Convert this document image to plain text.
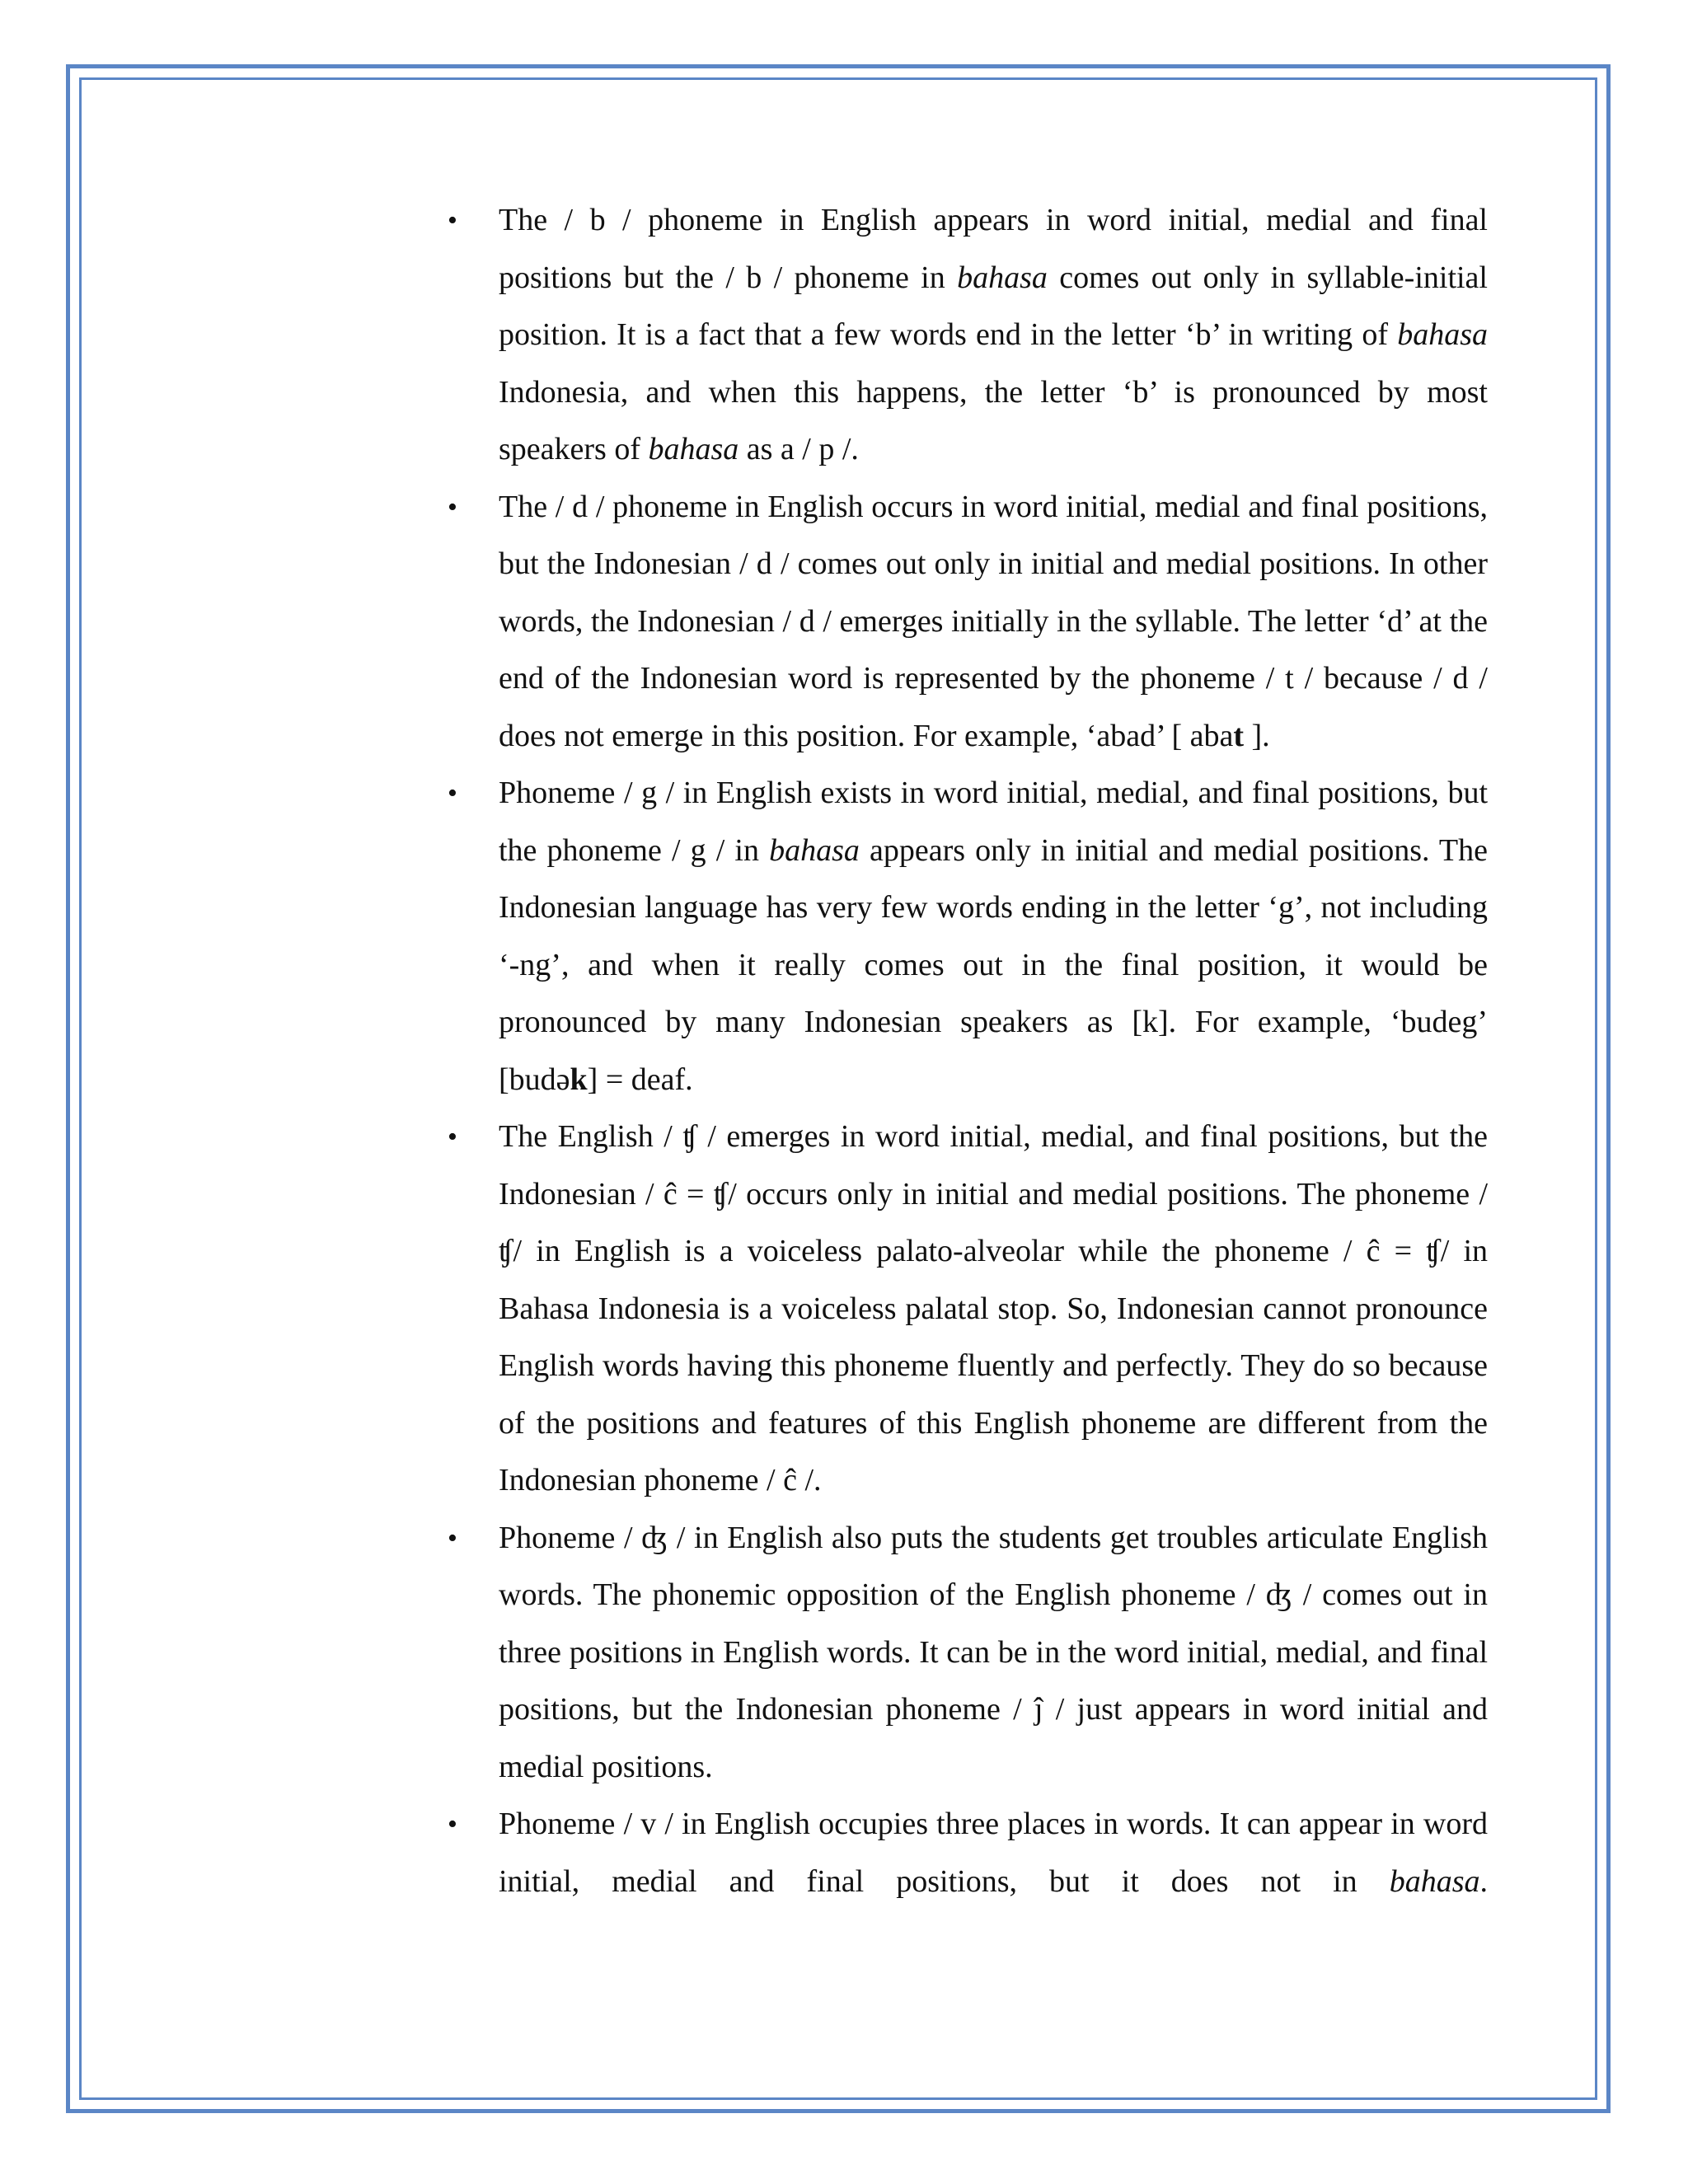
• The / b / phoneme in English appears in word initial, medial and final positions but the / b / phoneme in bahasa comes out only in syllable-initial position. It is a fact that a few words end in the letter ‘b’ in writing of bahasa Indonesia, and when this happens, the letter ‘b’ is pronounced by most speakers of bahasa as a / p /.
• The / d / phoneme in English occurs in word initial, medial and final positions, but the Indonesian / d / comes out only in initial and medial positions. In other words, the Indonesian / d / emerges initially in the syllable. The letter ‘d’ at the end of the Indonesian word is represented by the phoneme / t / because / d / does not emerge in this position. For example, ‘abad’ [ abat ].
• Phoneme / g / in English exists in word initial, medial, and final positions, but the phoneme / g / in bahasa appears only in initial and medial positions. The Indonesian language has very few words ending in the letter ‘g’, not including ‘-ng’, and when it really comes out in the final position, it would be pronounced by many Indonesian speakers as [k]. For example, ‘budeg’ [budək] = deaf.
• The English / ʧ / emerges in word initial, medial, and final positions, but the Indonesian / ĉ = ʧ/ occurs only in initial and medial positions. The phoneme / ʧ/ in English is a voiceless palato-alveolar while the phoneme / ĉ = ʧ/ in Bahasa Indonesia is a voiceless palatal stop. So, Indonesian cannot pronounce English words having this phoneme fluently and perfectly. They do so because of the positions and features of this English phoneme are different from the Indonesian phoneme / ĉ /.
• Phoneme / ʤ / in English also puts the students get troubles articulate English words. The phonemic opposition of the English phoneme / ʤ / comes out in three positions in English words. It can be in the word initial, medial, and final positions, but the Indonesian phoneme / ĵ / just appears in word initial and medial positions.
• Phoneme / v / in English occupies three places in words. It can appear in word initial, medial and final positions, but it does not in bahasa.
